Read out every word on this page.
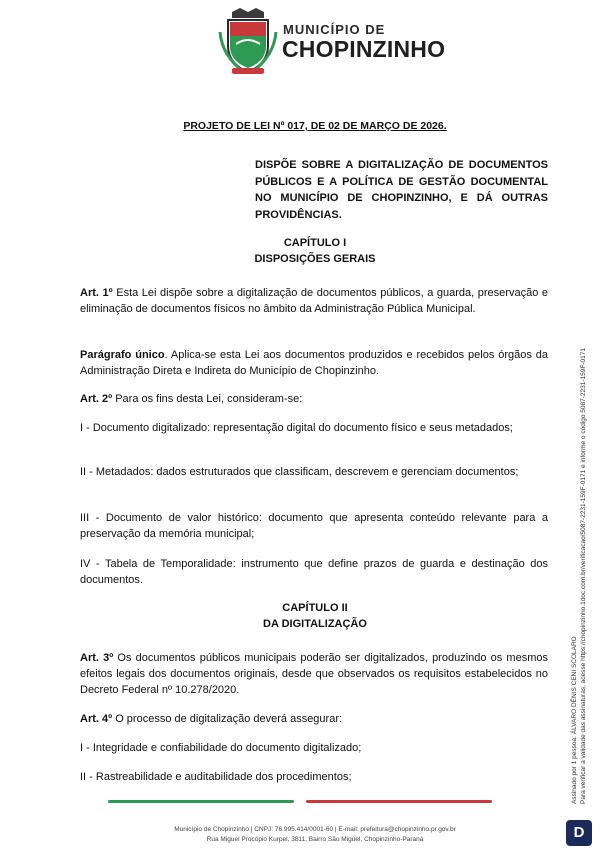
MUNICÍPIO DE
CHOPINZINHO
PROJETO DE LEI Nº 017, DE 02 DE MARÇO DE 2026.
DISPÕE SOBRE A DIGITALIZAÇÃO DE DOCUMENTOS PÚBLICOS E A POLÍTICA DE GESTÃO DOCUMENTAL NO MUNICÍPIO DE CHOPINZINHO, E DÁ OUTRAS PROVIDÊNCIAS.
CAPÍTULO I
DISPOSIÇÕES GERAIS
Art. 1º Esta Lei dispõe sobre a digitalização de documentos públicos, a guarda, preservação e eliminação de documentos físicos no âmbito da Administração Pública Municipal.
Parágrafo único. Aplica-se esta Lei aos documentos produzidos e recebidos pelos órgãos da Administração Direta e Indireta do Município de Chopinzinho.
Art. 2º Para os fins desta Lei, consideram-se:
I - Documento digitalizado: representação digital do documento físico e seus metadados;
II - Metadados: dados estruturados que classificam, descrevem e gerenciam documentos;
III - Documento de valor histórico: documento que apresenta conteúdo relevante para a preservação da memória municipal;
IV - Tabela de Temporalidade: instrumento que define prazos de guarda e destinação dos documentos.
CAPÍTULO II
DA DIGITALIZAÇÃO
Art. 3º Os documentos públicos municipais poderão ser digitalizados, produzindo os mesmos efeitos legais dos documentos originais, desde que observados os requisitos estabelecidos no Decreto Federal nº 10.278/2020.
Art. 4º O processo de digitalização deverá assegurar:
I - Integridade e confiabilidade do documento digitalizado;
II - Rastreabilidade e auditabilidade dos procedimentos;
Município de Chopinzinho | CNPJ: 76.995.414/0001-60 | E-mail: prefeitura@chopinzinho.pr.gov.br
Rua Miguel Procópio Kurpel, 3811, Bairro São Miguel, Chopinzinho-Paraná
Assinado por 1 pessoa: ÁLVARO DÊNIS CENI SCOLARO Para verificar a validade das assinaturas, acesse https://chopinzinho.1doc.com.br/verificacao/5087-2231-159F-0171 e informe o código 5087-2231-159F-0171
D
